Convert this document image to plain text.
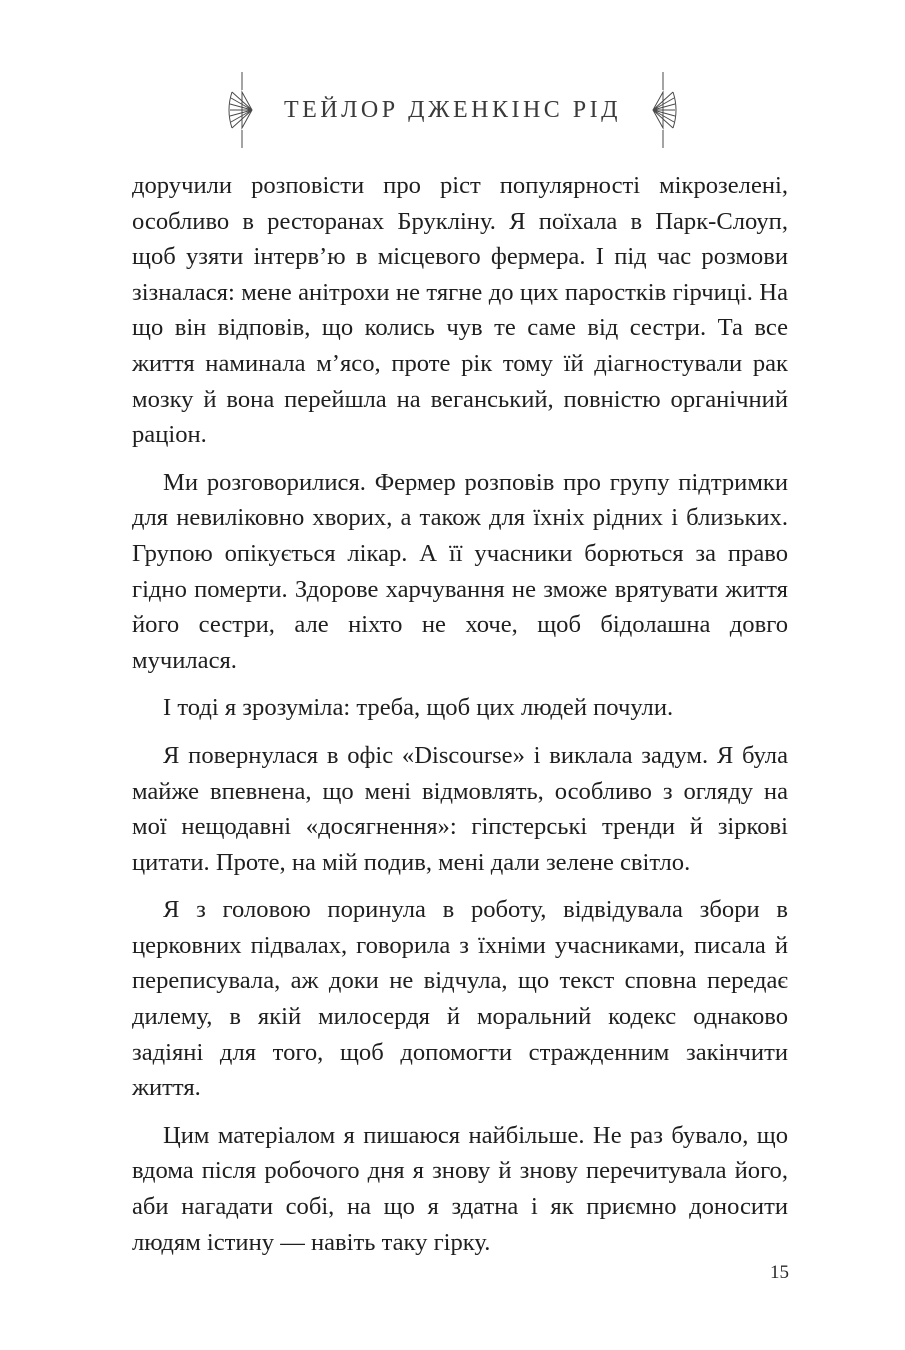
ТЕЙЛОР ДЖЕНКІНС РІД

доручили розповісти про ріст популярності мікрозелені, особливо в ресторанах Брукліну. Я поїхала в Парк-Слоуп, щоб узяти інтерв’ю в місцевого фермера. І під час розмови зізналася: мене анітрохи не тягне до цих паростків гірчиці. На що він відповів, що колись чув те саме від сестри. Та все життя наминала м’ясо, проте рік тому їй діагностували рак мозку й вона перейшла на веганський, повністю органічний раціон.

Ми розговорилися. Фермер розповів про групу підтримки для невиліковно хворих, а також для їхніх рідних і близьких. Групою опікується лікар. А її учасники борються за право гідно померти. Здорове харчування не зможе врятувати життя його сестри, але ніхто не хоче, щоб бідолашна довго мучилася.

І тоді я зрозуміла: треба, щоб цих людей почули.

Я повернулася в офіс «Discourse» і виклала задум. Я була майже впевнена, що мені відмовлять, особливо з огляду на мої нещодавні «досягнення»: гіпстерські тренди й зіркові цитати. Проте, на мій подив, мені дали зелене світло.

Я з головою поринула в роботу, відвідувала збори в церковних підвалах, говорила з їхніми учасниками, писала й переписувала, аж доки не відчула, що текст сповна передає дилему, в якій милосердя й моральний кодекс однаково задіяні для того, щоб допомогти стражденним закінчити життя.

Цим матеріалом я пишаюся найбільше. Не раз бувало, що вдома після робочого дня я знову й знову перечитувала його, аби нагадати собі, на що я здатна і як приємно доносити людям істину — навіть таку гірку.

15
